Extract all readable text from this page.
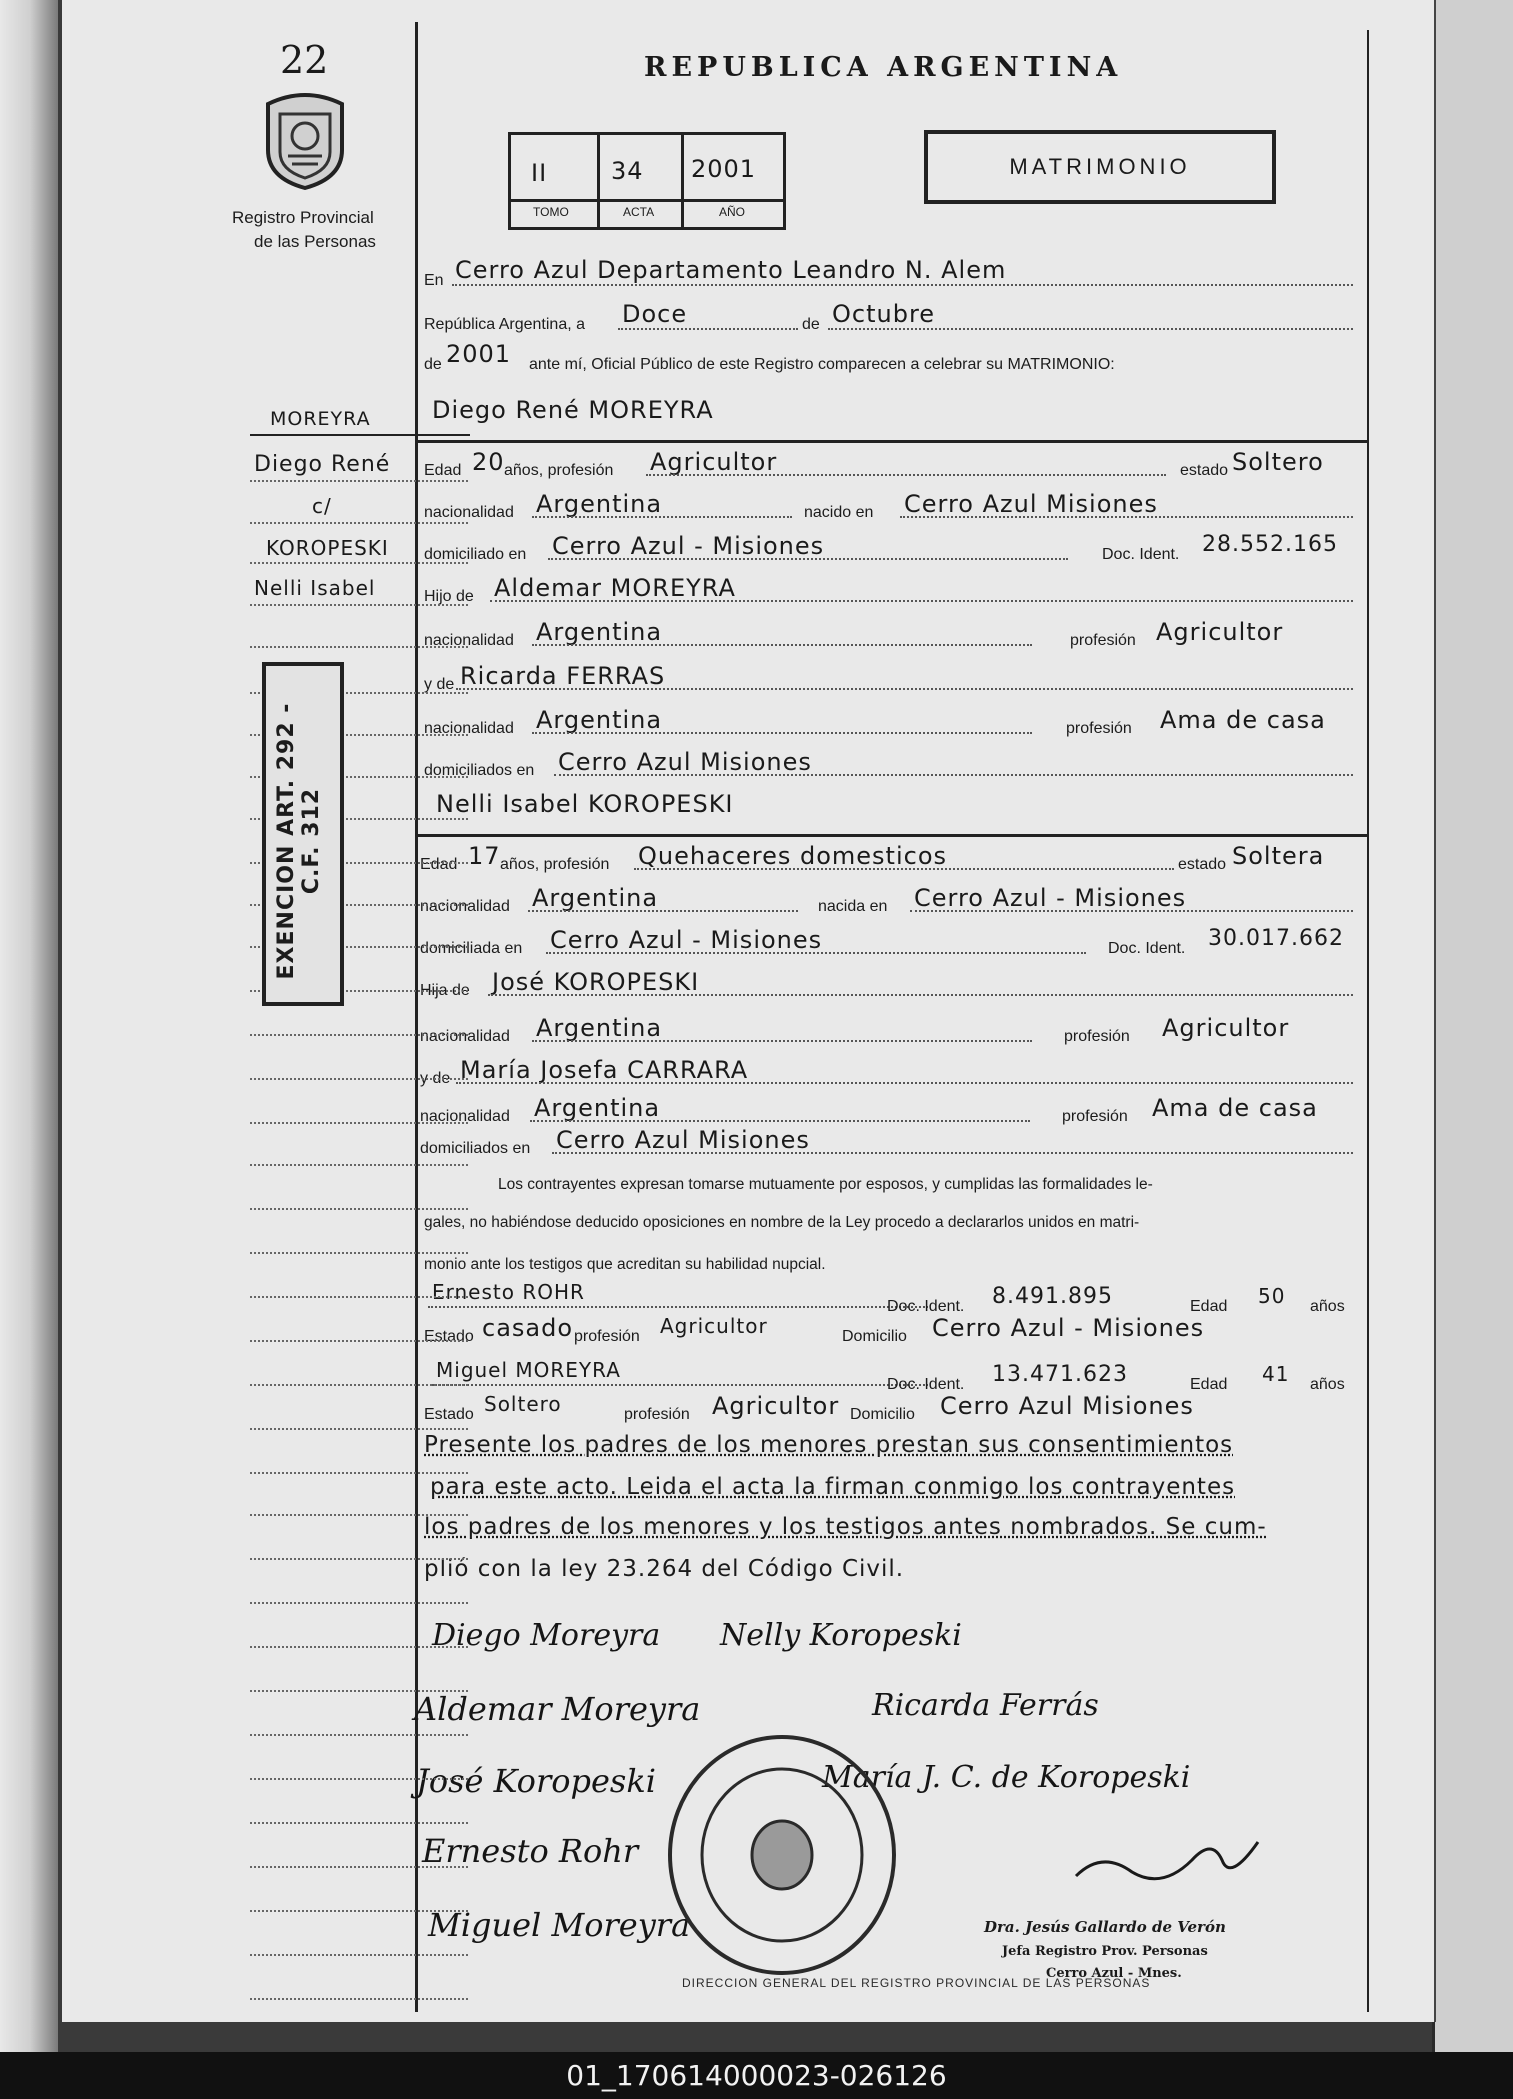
22
Registro Provincial
de las Personas
REPUBLICA ARGENTINA
II	34 2001
TOMO	ACTA	AÑO
MATRIMONIO
En Cerro Azul Departamento Leandro N. Alem
República Argentina, a Doce	de Octubre
de 2001 ante mí, Oficial Público de este Registro comparecen a celebrar su MATRIMONIO:
Diego René MOREYRA
Edad 20 años, profesión Agricultor	estado Soltero
nacionalidad Argentina	nacido en Cerro Azul Misiones
domiciliado en Cerro Azul - Misiones	Doc. Ident. 28.552.165
Hijo de Aldemar MOREYRA
nacionalidad Argentina	profesión Agricultor
y de Ricarda FERRAS
nacionalidad Argentina	profesión Ama de casa
domiciliados en Cerro Azul Misiones
Nelli Isabel KOROPESKI
Edad 17 años, profesión Quehaceres domesticos	estado Soltera
nacionalidad Argentina	nacida en Cerro Azul - Misiones
domiciliada en Cerro Azul - Misiones	Doc. Ident. 30.017.662
Hija de José KOROPESKI
nacionalidad Argentina	profesión Agricultor
y de María Josefa CARRARA
nacionalidad Argentina	profesión Ama de casa
domiciliados en Cerro Azul Misiones
Los contrayentes expresan tomarse mutuamente por esposos, y cumplidas las formalidades le-
gales, no habiéndose deducido oposiciones en nombre de la Ley procedo a declararlos unidos en matri-
monio ante los testigos que acreditan su habilidad nupcial.
Ernesto ROHR
Doc. Ident. 8.491.895	Edad 50 años
Estado casado profesión Agricultor	Domicilio Cerro Azul - Misiones
Miguel MOREYRA
Doc. Ident. 13.471.623	Edad 41 años
Estado Soltero	profesión Agricultor Domicilio Cerro Azul Misiones
Presente los padres de los menores prestan sus consentimientos
para este acto. Leida el acta la firman conmigo los contrayentes
los padres de los menores y los testigos antes nombrados. Se cum-
plió con la ley 23.264 del Código Civil.
Diego Moreyra Nelly Koropeski
Aldemar Moreyra	Ricarda Ferrás
José Koropeski	María J. C. de Koropeski
Ernesto Rohr
Miguel Moreyra
DIRECCION GENERAL DEL REGISTRO PROVINCIAL DE LAS PERSONAS
Dra. Jesús Gallardo de Verón
Jefa Registro Prov. Personas
Cerro Azul - Mnes.
MOREYRA
Diego René
c/
KOROPESKI
Nelli Isabel
EXENCION ART. 292 - C.F. 312
01_170614000023-026126
